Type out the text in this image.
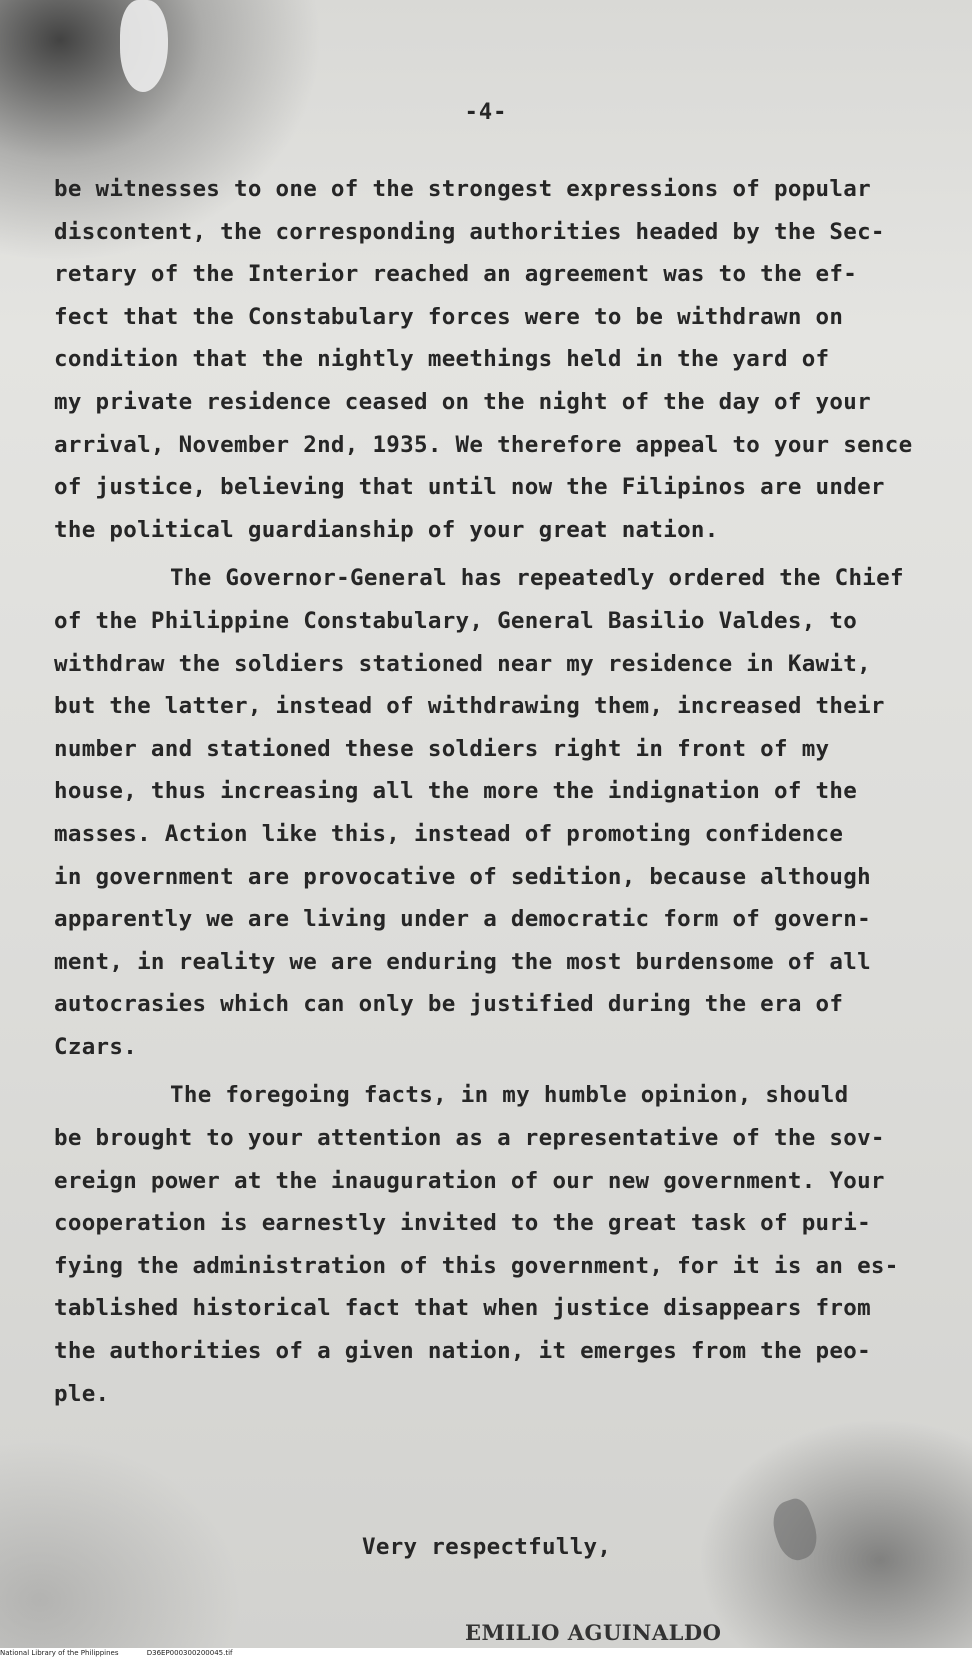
-4-
be witnesses to one of the strongest expressions of popular
discontent, the corresponding authorities headed by the Sec-
retary of the Interior reached an agreement was to the ef-
fect that the Constabulary forces were to be withdrawn on
condition that the nightly meethings held in the yard of
my private residence ceased on the night of the day of your
arrival, November 2nd, 1935. We therefore appeal to your sence
of justice, believing that until now the Filipinos are under
the political guardianship of your great nation.
The Governor-General has repeatedly ordered the Chief
of the Philippine Constabulary, General Basilio Valdes, to
withdraw the soldiers stationed near my residence in Kawit,
but the latter, instead of withdrawing them, increased their
number and stationed these soldiers right in front of my
house, thus increasing all the more the indignation of the
masses. Action like this, instead of promoting confidence
in government are provocative of sedition, because although
apparently we are living under a democratic form of govern-
ment, in reality we are enduring the most burdensome of all
autocrasies which can only be justified during the era of
Czars.
The foregoing facts, in my humble opinion, should
be brought to your attention as a representative of the sov-
ereign power at the inauguration of our new government. Your
cooperation is earnestly invited to the great task of puri-
fying the administration of this government, for it is an es-
tablished historical fact that when justice disappears from
the authorities of a given nation, it emerges from the peo-
ple.
Very respectfully,
EMILIO AGUINALDO
National Library of the Philippines	D36EP000300200045.tif
